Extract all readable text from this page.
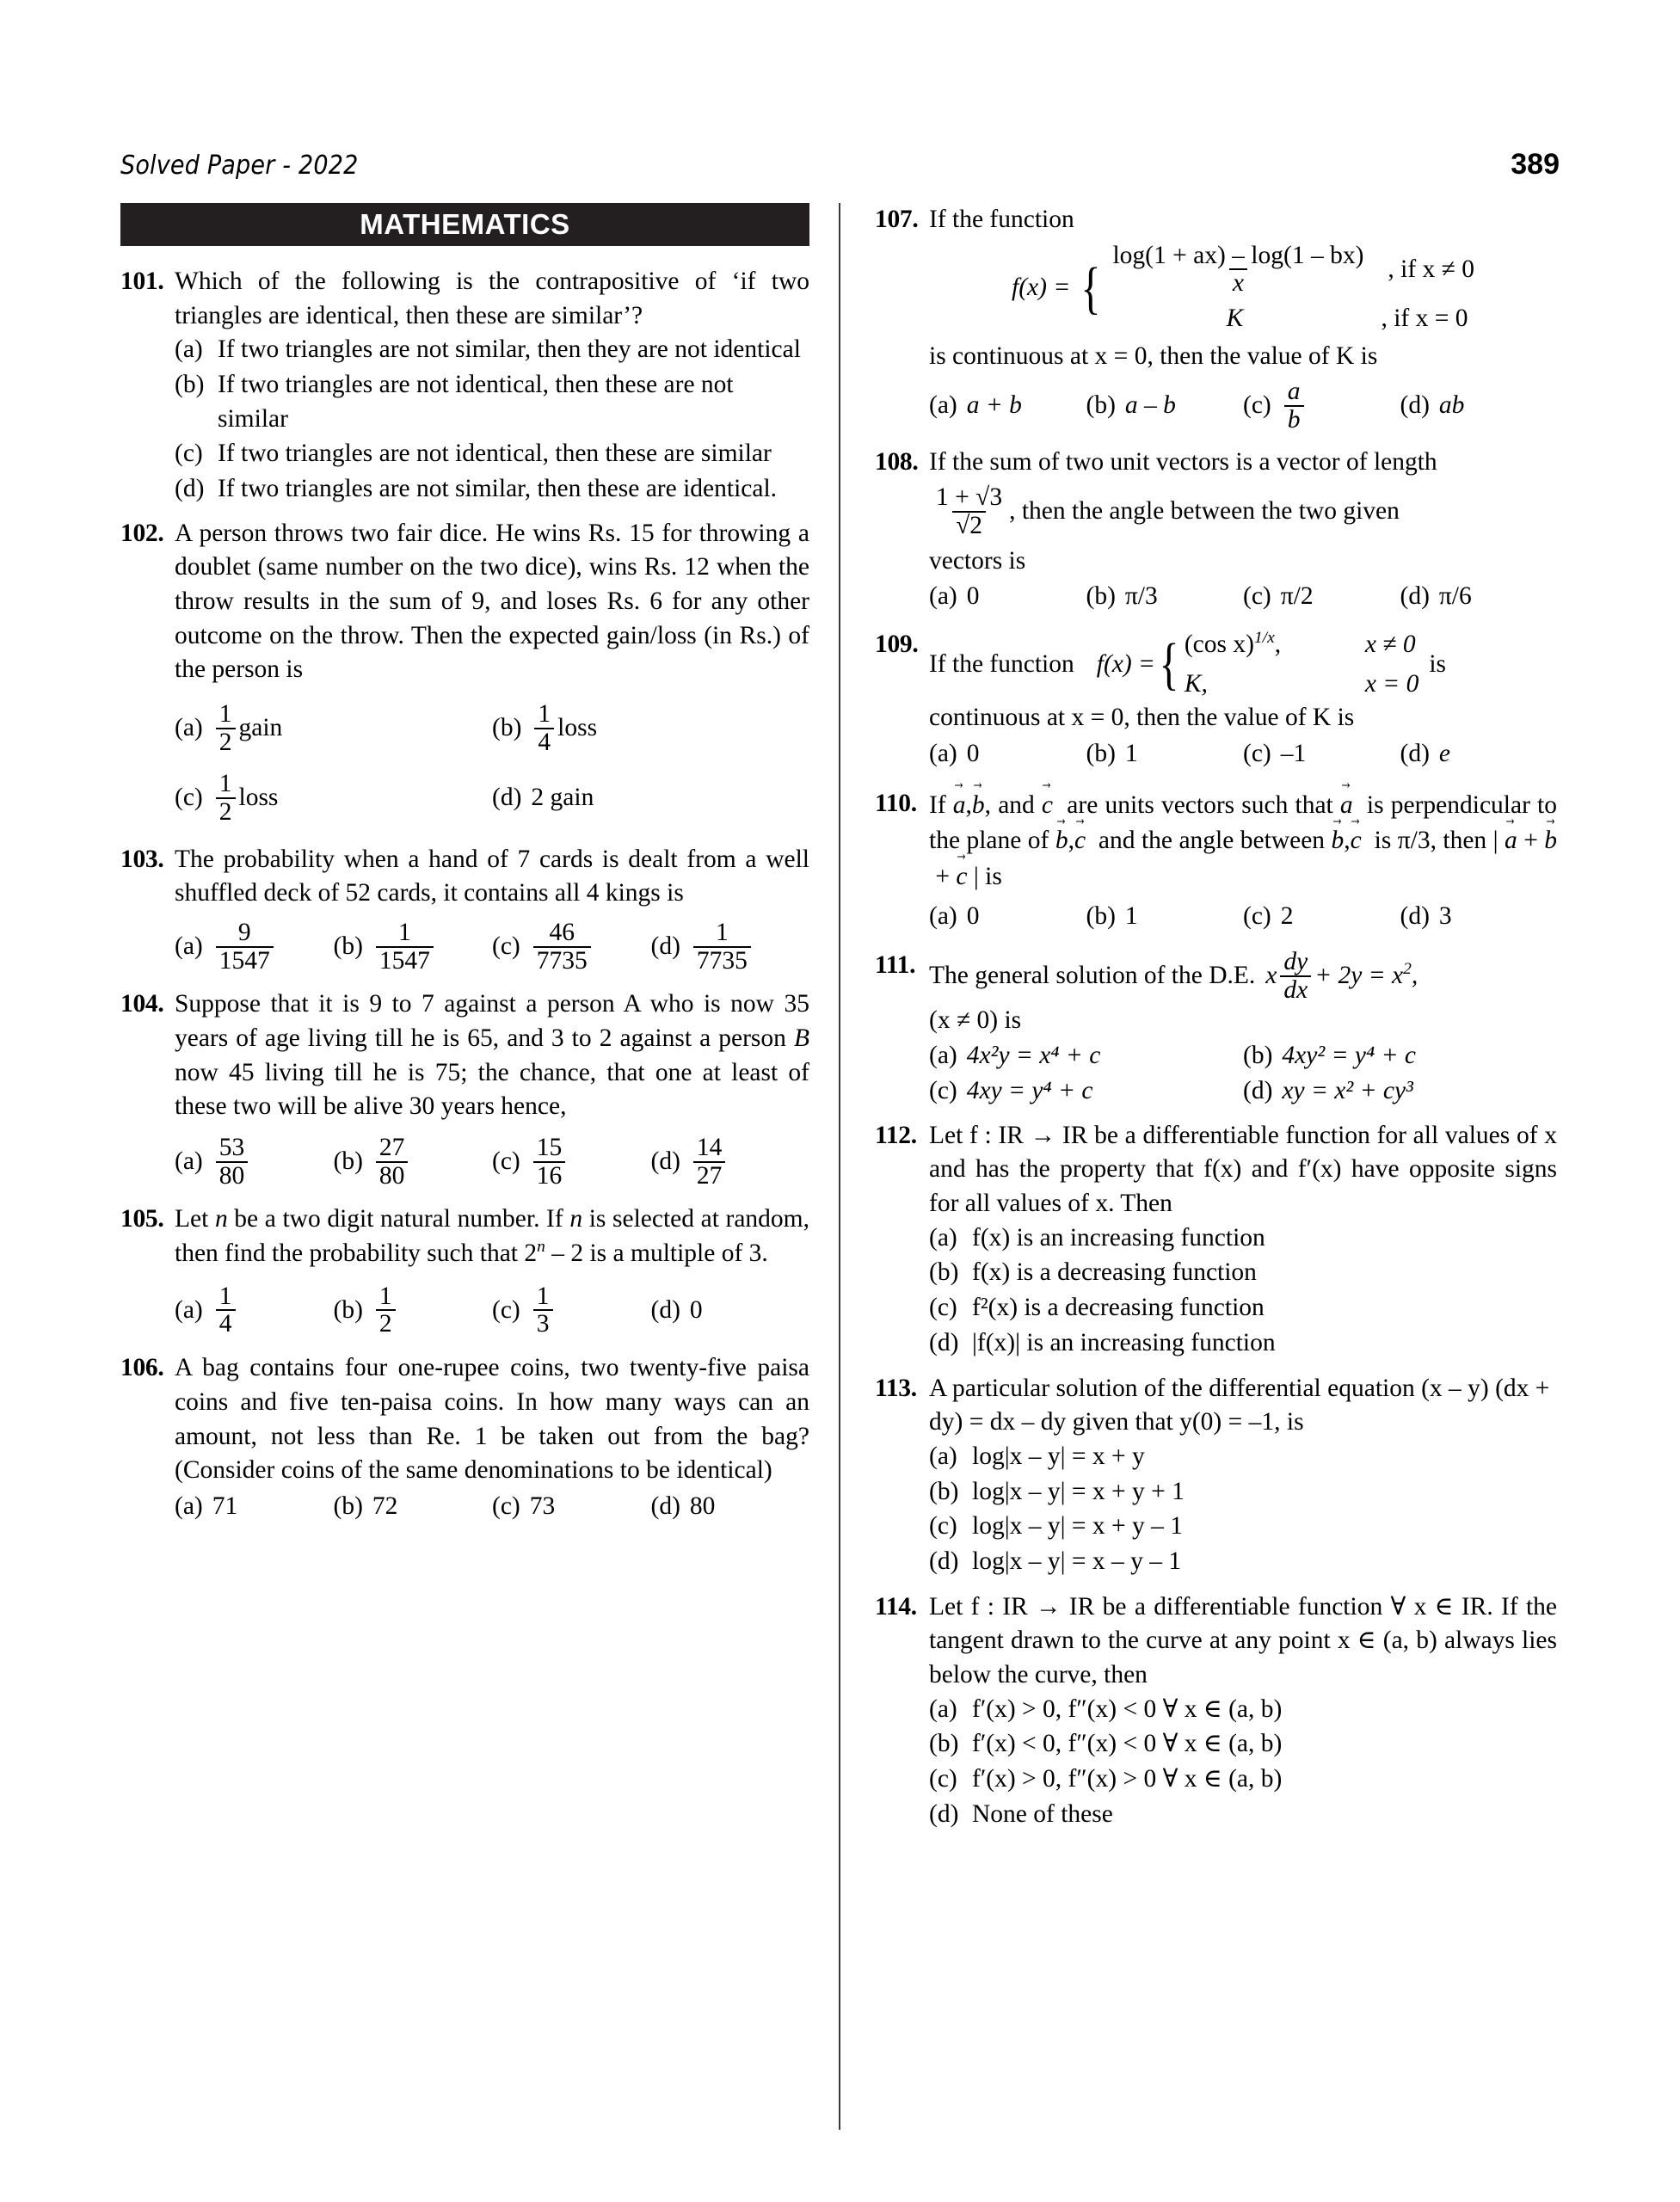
Solved Paper - 2022	389
MATHEMATICS
101. Which of the following is the contrapositive of ‘if two triangles are identical, then these are similar’?
(a) If two triangles are not similar, then they are not identical
(b) If two triangles are not identical, then these are not similar
(c) If two triangles are not identical, then these are similar
(d) If two triangles are not similar, then these are identical.
102. A person throws two fair dice. He wins Rs. 15 for throwing a doublet (same number on the two dice), wins Rs. 12 when the throw results in the sum of 9, and loses Rs. 6 for any other outcome on the throw. Then the expected gain/loss (in Rs.) of the person is
$(a) \frac{1}{2}$ gain	$(b) \frac{1}{4}$ loss
$(c) \frac{1}{2}$ loss	(d) 2 gain
103. The probability when a hand of 7 cards is dealt from a well shuffled deck of 52 cards, it contains all 4 kings is
$(a) \frac{9}{1547} (b) \frac{1}{1547} (c) \frac{46}{7735} (d) \frac{1}{7735}$
104. Suppose that it is 9 to 7 against a person A who is now 35 years of age living till he is 65, and 3 to 2 against a person B now 45 living till he is 75; the chance, that one at least of these two will be alive 30 years hence,
$(a) \frac{53}{80}$	$(b) \frac{27}{80}$	$(c) \frac{15}{16}$	$(d) \frac{14}{27}$
105. Let n be a two digit natural number. If n is selected at random, then find the probability such that 2$^n$ – 2 is a multiple of 3.
$(a) \frac{1}{4}$	$(b) \frac{1}{2}$	$(c) \frac{1}{3}$	(d) 0
106. A bag contains four one-rupee coins, two twenty-five paisa coins and five ten-paisa coins. In how many ways can an amount, not less than Re. 1 be taken out from the bag? (Consider coins of the same denominations to be identical)
(a) 71	(b) 72	(c) 73	(d) 80
107. If the function
f(x) = { $\frac{\log(1 + ax) - \log(1 - bx)}{x}$ , if x ≠ 0
K	, if x = 0
is continuous at x = 0, then the value of K is
(a) a + b	(b) a – b	$(c) \frac{a}{b}$	(d) ab
108. If the sum of two unit vectors is a vector of length
$\frac{1 + √3}{√2}$ , then the angle between the two given
vectors is
(a) 0	(b) π/3	(c) π/2	(d) π/6
109.
If the function f(x) = { (cos x)$^{1/x}$,	x ≠ 0
K,	x = 0
is
continuous at x = 0, then the value of K is
(a) 0	(b) 1	(c) –1	(d) e
110. If a →,b →, and c →  are units vectors such that a →  is perpendicular to the plane of b →,c →  and the angle between b →,c →  is π/3, then | a → + b → + c → | is
(a) 0	(b) 1	(c) 2	(d) 3
111. The general solution of the D.E. x $\frac{dy}{dx} + 2y = x^2$,
(x ≠ 0) is
(a) 4x²y = x⁴ + c	(b) 4xy² = y⁴ + c
(c) 4xy = y⁴ + c	(d) xy = x² + cy³
112. Let f : IR → IR be a differentiable function for all values of x and has the property that f(x) and f′(x) have opposite signs for all values of x. Then
(a) f(x) is an increasing function
(b) f(x) is a decreasing function
(c) f²(x) is a decreasing function
(d) |f(x)| is an increasing function
113. A particular solution of the differential equation (x – y) (dx + dy) = dx – dy given that y(0) = –1, is
(a) log|x – y| = x + y
(b) log|x – y| = x + y + 1
(c) log|x – y| = x + y – 1
(d) log|x – y| = x – y – 1
114. Let f : IR → IR be a differentiable function ∀ x ∈ IR. If the tangent drawn to the curve at any point x ∈ (a, b) always lies below the curve, then
(a) f′(x) > 0, f″(x) < 0 ∀ x ∈ (a, b)
(b) f′(x) < 0, f″(x) < 0 ∀ x ∈ (a, b)
(c) f′(x) > 0, f″(x) > 0 ∀ x ∈ (a, b)
(d) None of these
